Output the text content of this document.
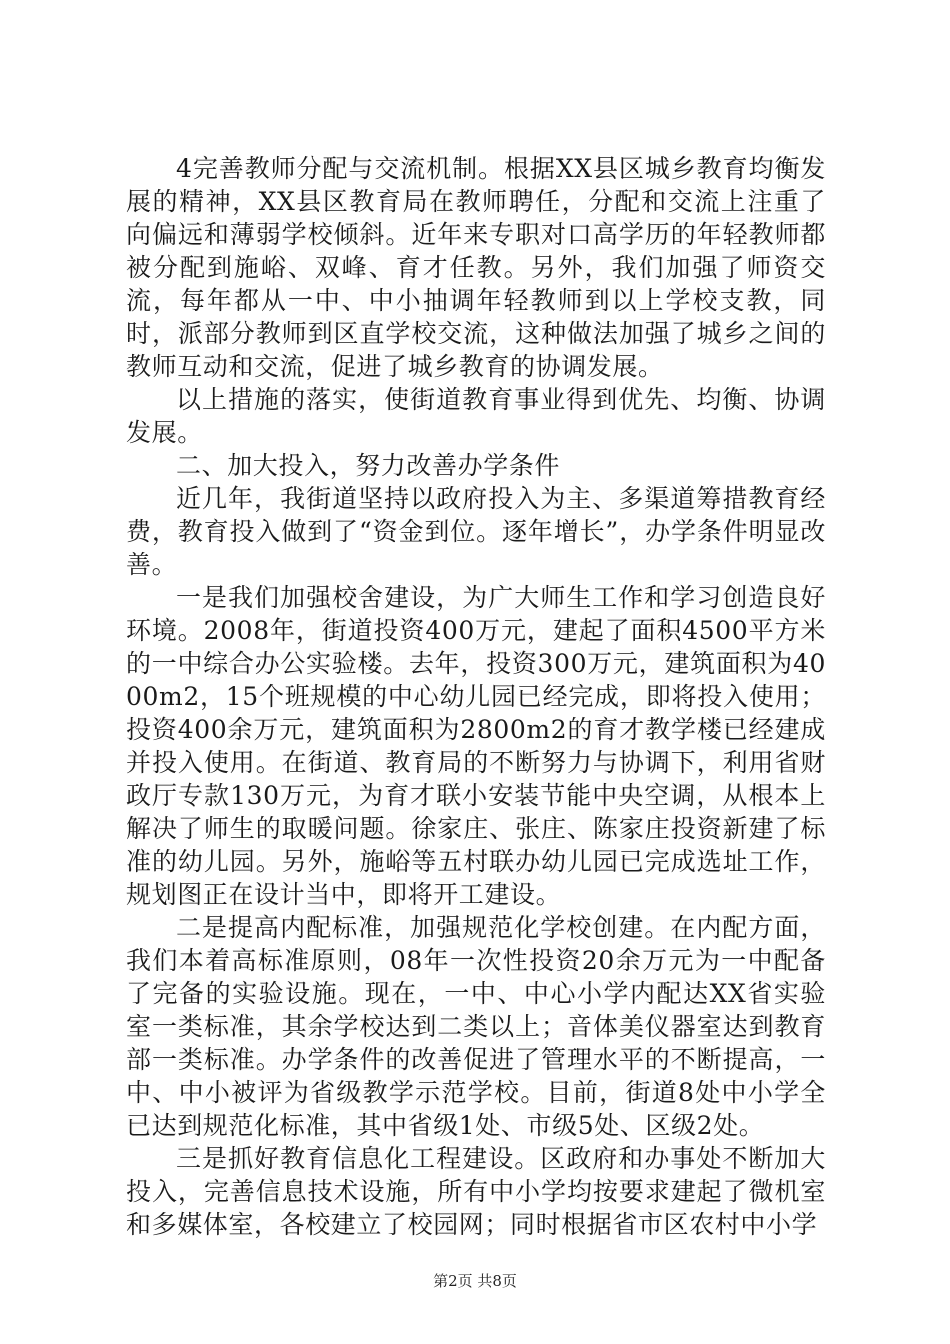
4完善教师分配与交流机制。根据XX县区城乡教育均衡发展的精神，XX县区教育局在教师聘任，分配和交流上注重了向偏远和薄弱学校倾斜。近年来专职对口高学历的年轻教师都被分配到施峪、双峰、育才任教。另外，我们加强了师资交流，每年都从一中、中小抽调年轻教师到以上学校支教，同时，派部分教师到区直学校交流，这种做法加强了城乡之间的教师互动和交流，促进了城乡教育的协调发展。

以上措施的落实，使街道教育事业得到优先、均衡、协调发展。

二、加大投入，努力改善办学条件

近几年，我街道坚持以政府投入为主、多渠道筹措教育经费，教育投入做到了“资金到位。逐年增长”，办学条件明显改善。

一是我们加强校舍建设，为广大师生工作和学习创造良好环境。2008年，街道投资400万元，建起了面积4500平方米的一中综合办公实验楼。去年，投资300万元，建筑面积为4000m2，15个班规模的中心幼儿园已经完成，即将投入使用；投资400余万元，建筑面积为2800m2的育才教学楼已经建成并投入使用。在街道、教育局的不断努力与协调下，利用省财政厅专款130万元，为育才联小安装节能中央空调，从根本上解决了师生的取暖问题。徐家庄、张庄、陈家庄投资新建了标准的幼儿园。另外，施峪等五村联办幼儿园已完成选址工作，规划图正在设计当中，即将开工建设。

二是提高内配标准，加强规范化学校创建。在内配方面，我们本着高标准原则，08年一次性投资20余万元为一中配备了完备的实验设施。现在，一中、中心小学内配达XX省实验室一类标准，其余学校达到二类以上；音体美仪器室达到教育部一类标准。办学条件的改善促进了管理水平的不断提高，一中、中小被评为省级教学示范学校。目前，街道8处中小学全已达到规范化标准，其中省级1处、市级5处、区级2处。

三是抓好教育信息化工程建设。区政府和办事处不断加大投入，完善信息技术设施，所有中小学均按要求建起了微机室和多媒体室，各校建立了校园网；同时根据省市区农村中小学

第2页 共8页
